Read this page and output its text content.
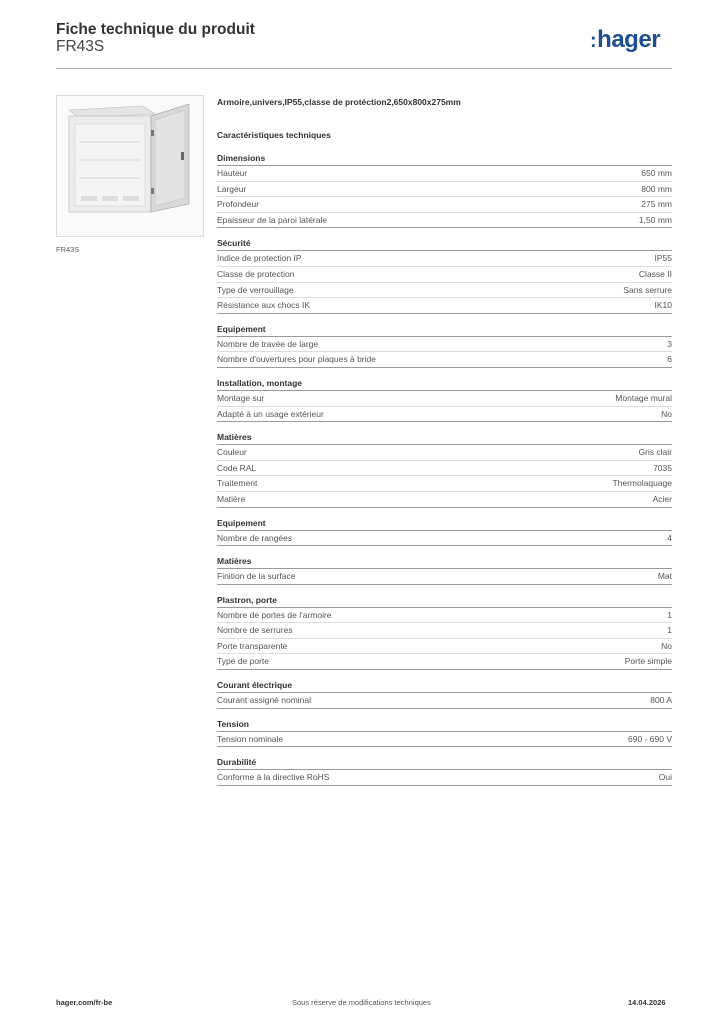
Fiche technique du produit
FR43S	:hager
FR43S
Armoire,univers,IP55,classe de protéction2,650x800x275mm
Caractéristiques techniques
Dimensions
Hauteur	650 mm
Largeur	800 mm
Profondeur	275 mm
Epaisseur de la paroi latérale	1,50 mm
Sécurité
Indice de protection IP	IP55
Classe de protection	Classe II
Type de verrouillage	Sans serrure
Résistance aux chocs IK	IK10
Equipement
Nombre de travée de large	3
Nombre d'ouvertures pour plaques à bride	6
Installation, montage
Montage sur	Montage mural
Adapté à un usage extérieur	No
Matières
Couleur	Gris clair
Code RAL	7035
Traitement	Thermolaquage
Matière	Acier
Equipement
Nombre de rangées	4
Matières
Finition de la surface	Mat
Plastron, porte
Nombre de portes de l'armoire	1
Nombre de serrures	1
Porte transparente	No
Type de porte	Porte simple
Courant électrique
Courant assigné nominal	800 A
Tension
Tension nominale	690 - 690 V
Durabilité
Conforme à la directive RoHS	Oui
hager.com/fr-be	Sous réserve de modifications techniques	14.04.2026
